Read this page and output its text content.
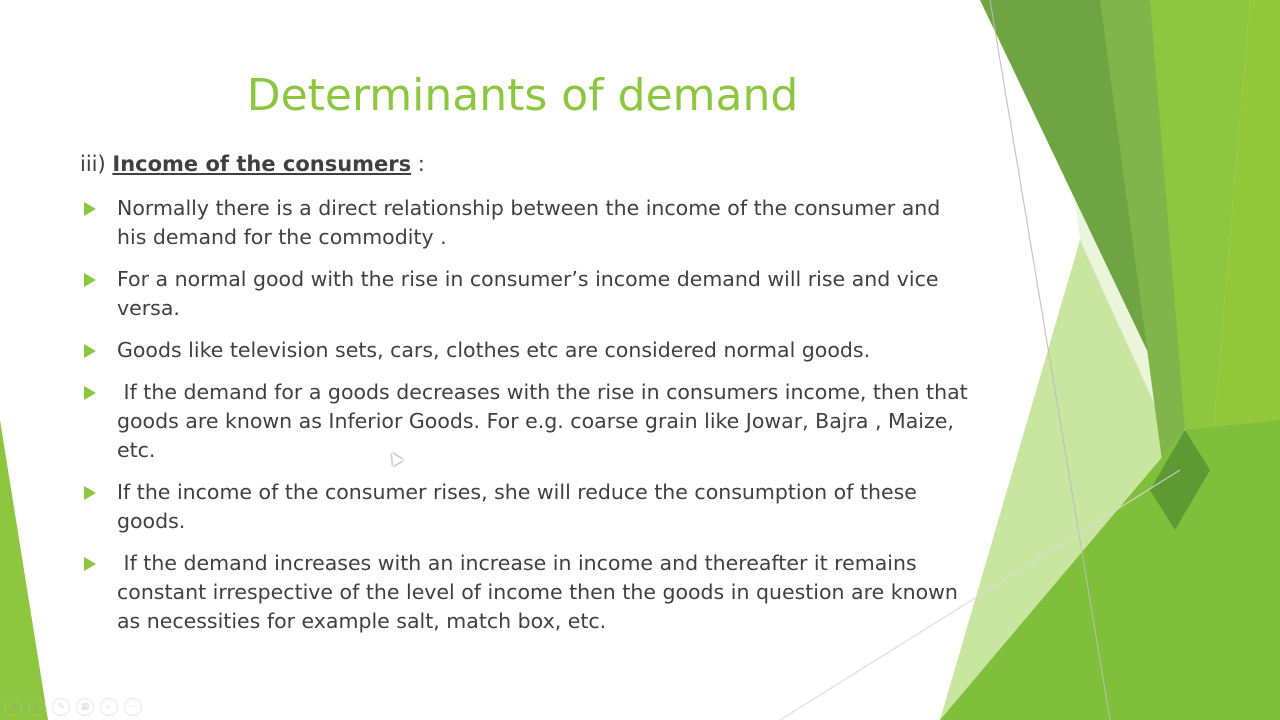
Determinants of demand
iii) Income of the consumers :
Normally there is a direct relationship between the income of the consumer and his demand for the commodity .
For a normal good with the rise in consumer’s income demand will rise and vice versa.
Goods like television sets, cars, clothes etc are considered normal goods.
If the demand for a goods decreases with the rise in consumers income, then that goods are known as Inferior Goods. For e.g. coarse grain like Jowar, Bajra , Maize, etc.
If the income of the consumer rises, she will reduce the consumption of these goods.
If the demand increases with an increase in income and thereafter it remains constant irrespective of the level of income then the goods in question are known as necessities for example salt, match box, etc.
◀	▶	✎	▦	⌕	⋯
